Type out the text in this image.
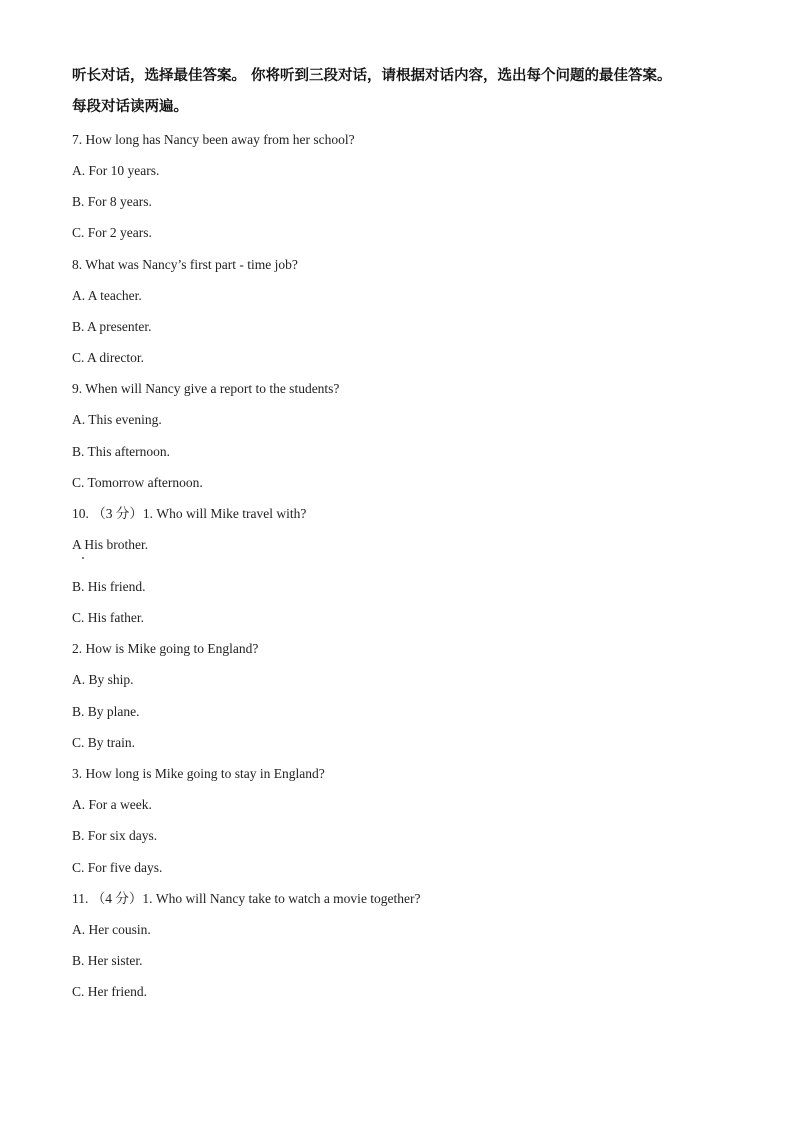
听长对话，选择最佳答案。 你将听到三段对话，请根据对话内容，选出每个问题的最佳答案。
每段对话读两遍。
7. How long has Nancy been away from her school?
A. For 10 years.
B. For 8 years.
C. For 2 years.
8. What was Nancy’s first part - time job?
A. A teacher.
B. A presenter.
C. A director.
9. When will Nancy give a report to the students?
A. This evening.
B. This afternoon.
C. Tomorrow afternoon.
10. （3 分）1. Who will Mike travel with?
A His brother.
B. His friend.
C. His father.
2. How is Mike going to England?
A. By ship.
B. By plane.
C. By train.
3. How long is Mike going to stay in England?
A. For a week.
B. For six days.
C. For five days.
11. （4 分）1. Who will Nancy take to watch a movie together?
A. Her cousin.
B. Her sister.
C. Her friend.
